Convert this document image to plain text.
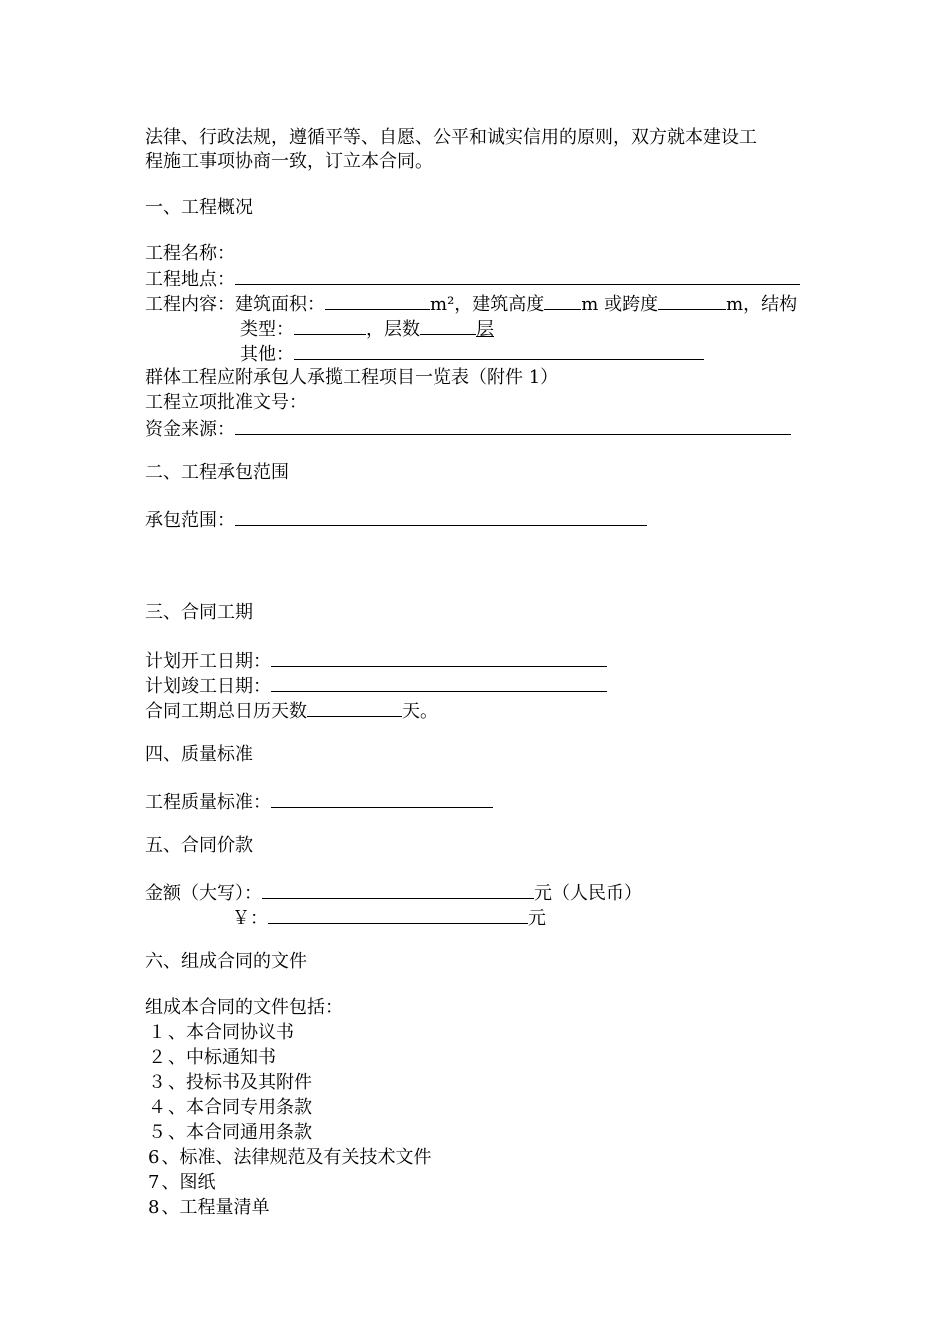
法律、行政法规，遵循平等、自愿、公平和诚实信用的原则，双方就本建设工
程施工事项协商一致，订立本合同。
一、工程概况
工程名称：
工程地点：
工程内容：建筑面积：	m²，建筑高度 m 或跨度	m，结构
类型：	，层数	层
其他：
群体工程应附承包人承揽工程项目一览表（附件 1）
工程立项批准文号：
资金来源：
二、工程承包范围
承包范围：
三、合同工期
计划开工日期：
计划竣工日期：
合同工期总日历天数	天。
四、质量标准
工程质量标准：
五、合同价款
金额（大写）：	元（人民币）
￥：	元
六、组成合同的文件
组成本合同的文件包括：
１、本合同协议书
２、中标通知书
３、投标书及其附件
４、本合同专用条款
５、本合同通用条款
6、标准、法律规范及有关技术文件
7、图纸
8、工程量清单
